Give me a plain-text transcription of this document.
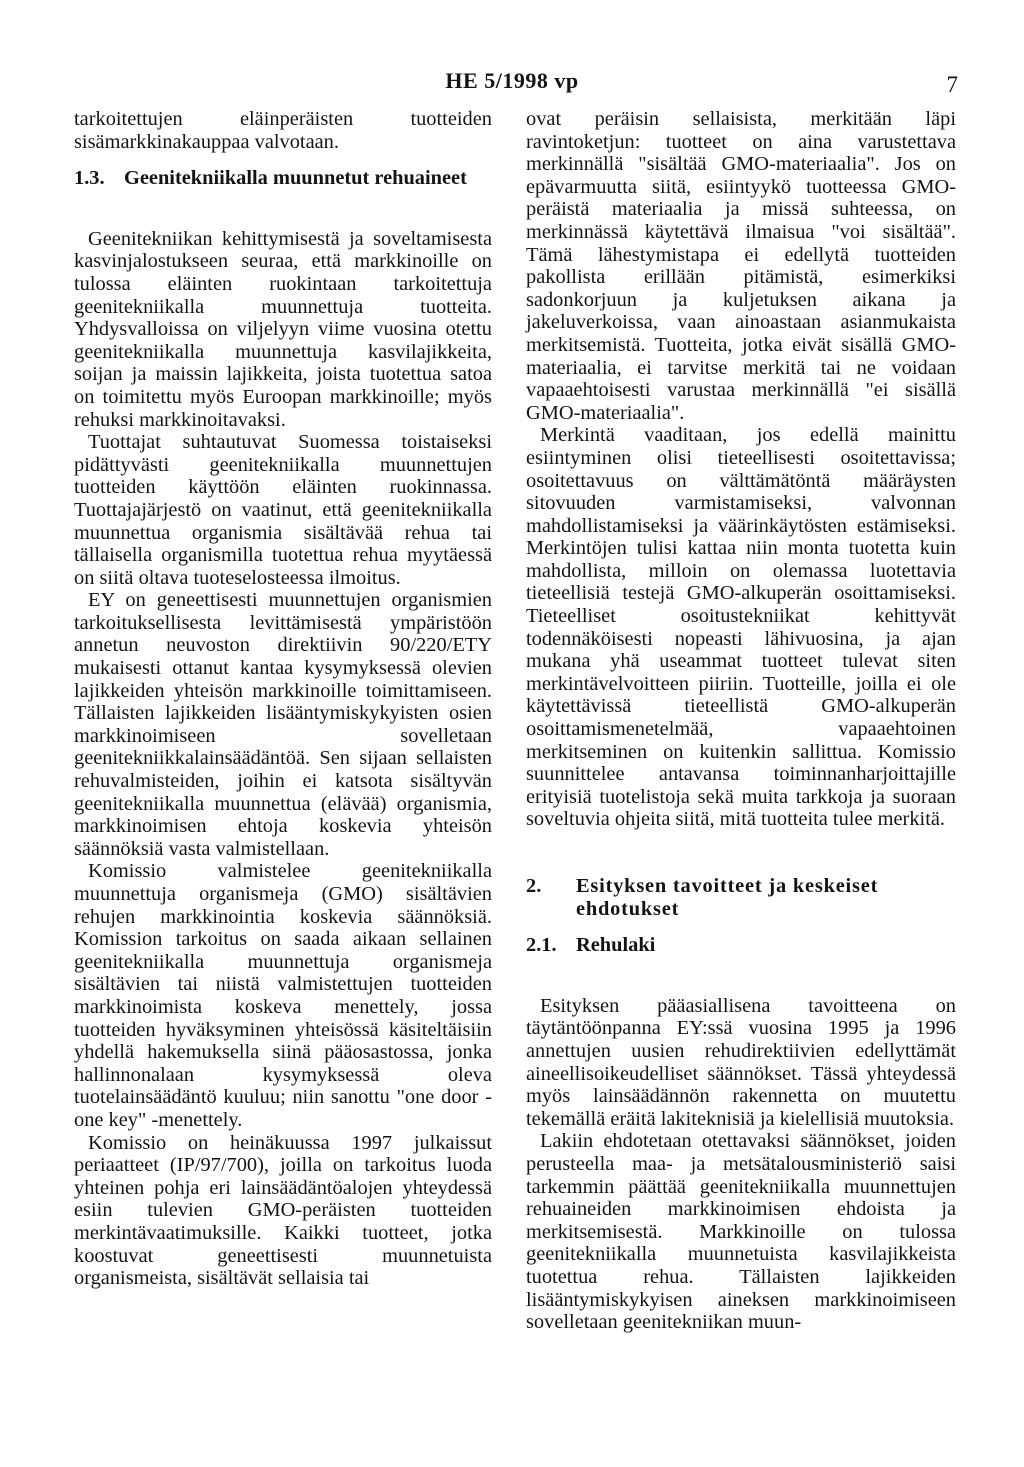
HE 5/1998 vp	7

tarkoitettujen eläinperäisten tuotteiden sisämarkkinakauppaa valvotaan.

1.3. Geenitekniikalla muunnetut rehuaineet

Geenitekniikan kehittymisestä ja soveltamisesta kasvinjalostukseen seuraa, että markkinoille on tulossa eläinten ruokintaan tarkoitettuja geenitekniikalla muunnettuja tuotteita. Yhdysvalloissa on viljelyyn viime vuosina otettu geenitekniikalla muunnettuja kasvilajikkeita, soijan ja maissin lajikkeita, joista tuotettua satoa on toimitettu myös Euroopan markkinoille; myös rehuksi markkinoitavaksi.

Tuottajat suhtautuvat Suomessa toistaiseksi pidättyvästi geenitekniikalla muunnettujen tuotteiden käyttöön eläinten ruokinnassa. Tuottajajärjestö on vaatinut, että geenitekniikalla muunnettua organismia sisältävää rehua tai tällaisella organismilla tuotettua rehua myytäessä on siitä oltava tuoteselosteessa ilmoitus.

EY on geneettisesti muunnettujen organismien tarkoituksellisesta levittämisestä ympäristöön annetun neuvoston direktiivin 90/220/ETY mukaisesti ottanut kantaa kysymyksessä olevien lajikkeiden yhteisön markkinoille toimittamiseen. Tällaisten lajikkeiden lisääntymiskykyisten osien markkinoimiseen sovelletaan geenitekniikkalainsäädäntöä. Sen sijaan sellaisten rehuvalmisteiden, joihin ei katsota sisältyvän geenitekniikalla muunnettua (elävää) organismia, markkinoimisen ehtoja koskevia yhteisön säännöksiä vasta valmistellaan.

Komissio valmistelee geenitekniikalla muunnettuja organismeja (GMO) sisältävien rehujen markkinointia koskevia säännöksiä. Komission tarkoitus on saada aikaan sellainen geenitekniikalla muunnettuja organismeja sisältävien tai niistä valmistettujen tuotteiden markkinoimista koskeva menettely, jossa tuotteiden hyväksyminen yhteisössä käsiteltäisiin yhdellä hakemuksella siinä pääosastossa, jonka hallinnonalaan kysymyksessä oleva tuotelainsäädäntö kuuluu; niin sanottu "one door - one key" -menettely.

Komissio on heinäkuussa 1997 julkaissut periaatteet (IP/97/700), joilla on tarkoitus luoda yhteinen pohja eri lainsäädäntöalojen yhteydessä esiin tulevien GMO-peräisten tuotteiden merkintävaatimuksille. Kaikki tuotteet, jotka koostuvat geneettisesti muunnetuista organismeista, sisältävät sellaisia tai

ovat peräisin sellaisista, merkitään läpi ravintoketjun: tuotteet on aina varustettava merkinnällä "sisältää GMO-materiaalia". Jos on epävarmuutta siitä, esiintyykö tuotteessa GMO-peräistä materiaalia ja missä suhteessa, on merkinnässä käytettävä ilmaisua "voi sisältää". Tämä lähestymistapa ei edellytä tuotteiden pakollista erillään pitämistä, esimerkiksi sadonkorjuun ja kuljetuksen aikana ja jakeluverkoissa, vaan ainoastaan asianmukaista merkitsemistä. Tuotteita, jotka eivät sisällä GMO-materiaalia, ei tarvitse merkitä tai ne voidaan vapaaehtoisesti varustaa merkinnällä "ei sisällä GMO-materiaalia".

Merkintä vaaditaan, jos edellä mainittu esiintyminen olisi tieteellisesti osoitettavissa; osoitettavuus on välttämätöntä määräysten sitovuuden varmistamiseksi, valvonnan mahdollistamiseksi ja väärinkäytösten estämiseksi. Merkintöjen tulisi kattaa niin monta tuotetta kuin mahdollista, milloin on olemassa luotettavia tieteellisiä testejä GMO-alkuperän osoittamiseksi. Tieteelliset osoitustekniikat kehittyvät todennäköisesti nopeasti lähivuosina, ja ajan mukana yhä useammat tuotteet tulevat siten merkintävelvoitteen piiriin. Tuotteille, joilla ei ole käytettävissä tieteellistä GMO-alkuperän osoittamismenetelmää, vapaaehtoinen merkitseminen on kuitenkin sallittua. Komissio suunnittelee antavansa toiminnanharjoittajille erityisiä tuotelistoja sekä muita tarkkoja ja suoraan soveltuvia ohjeita siitä, mitä tuotteita tulee merkitä.

2.	Esityksen tavoitteet ja keskeiset ehdotukset
2.1. Rehulaki

Esityksen pääasiallisena tavoitteena on täytäntöönpanna EY:ssä vuosina 1995 ja 1996 annettujen uusien rehudirektiivien edellyttämät aineellisoikeudelliset säännökset. Tässä yhteydessä myös lainsäädännön rakennetta on muutettu tekemällä eräitä lakiteknisiä ja kielellisiä muutoksia.

Lakiin ehdotetaan otettavaksi säännökset, joiden perusteella maa- ja metsätalousministeriö saisi tarkemmin päättää geenitekniikalla muunnettujen rehuaineiden markkinoimisen ehdoista ja merkitsemisestä. Markkinoille on tulossa geenitekniikalla muunnetuista kasvilajikkeista tuotettua rehua. Tällaisten lajikkeiden lisääntymiskykyisen aineksen markkinoimiseen sovelletaan geenitekniikan muun-
